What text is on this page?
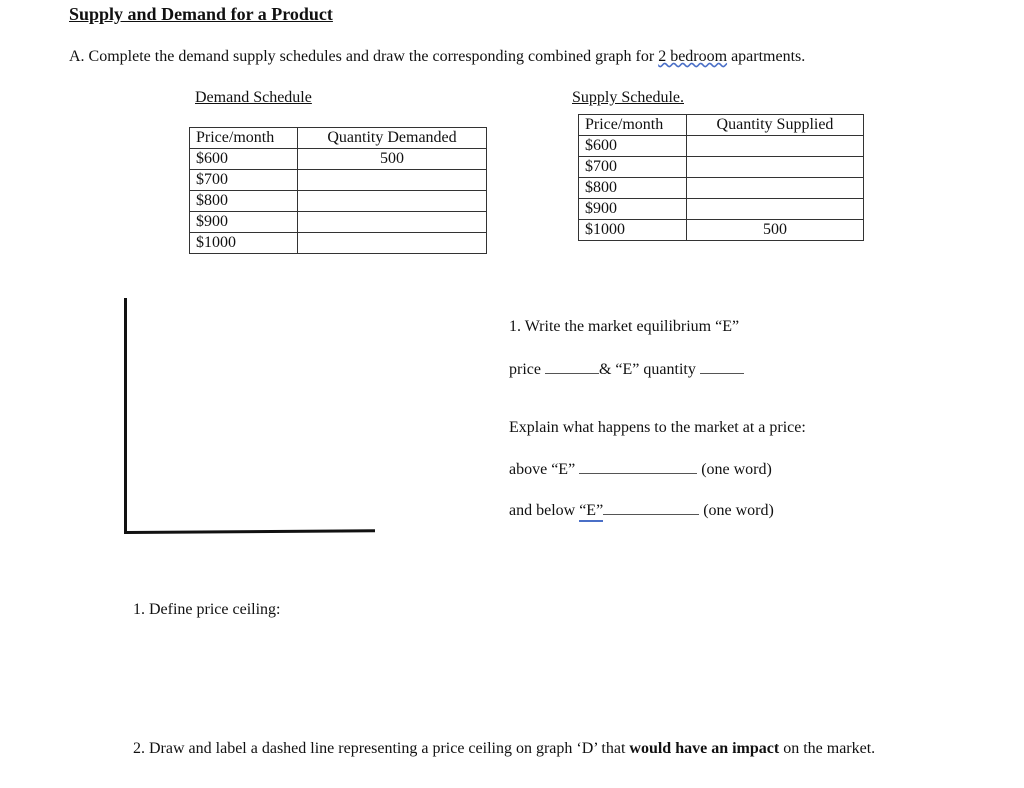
Supply and Demand for a Product
A. Complete the demand supply schedules and draw the corresponding combined graph for 2 bedroom apartments.
Demand Schedule
Price/month	Quantity Demanded
$600	500
$700	
$800	
$900	
$1000	
Supply Schedule.
Price/month	Quantity Supplied
$600	
$700	
$800	
$900	
$1000	500
1. Write the market equilibrium “E”
price	& “E” quantity
Explain what happens to the market at a price:
above “E”	(one word)
and below “E”	(one word)
1. Define price ceiling:
2. Draw and label a dashed line representing a price ceiling on graph ‘D’ that would have an impact on the market.
